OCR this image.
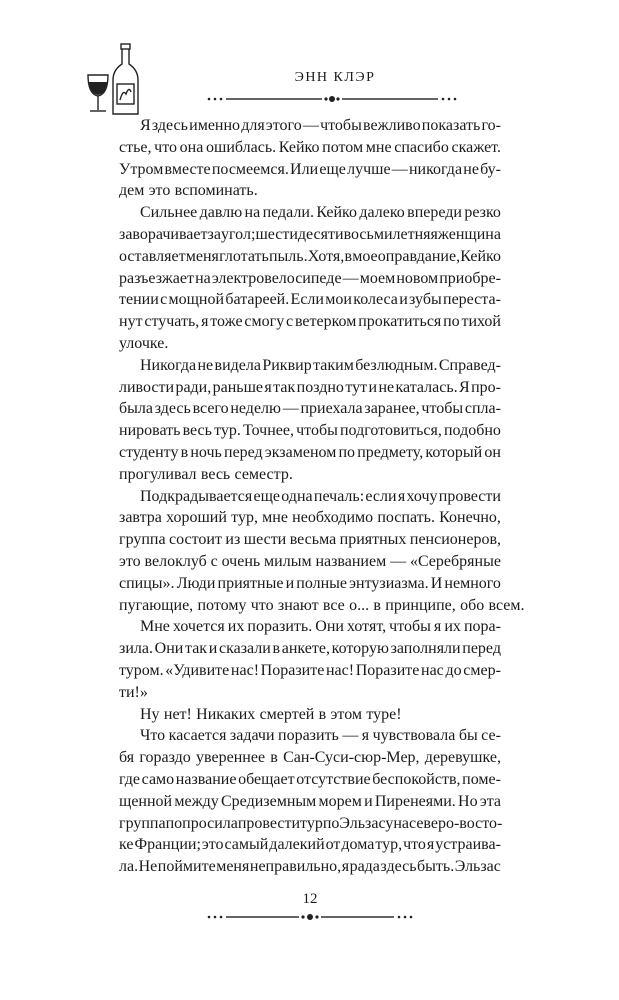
ЭНН КЛЭР
Я здесь именно для этого — чтобы вежливо показать го-
стье, что она ошиблась. Кейко потом мне спасибо скажет.
Утром вместе посмеемся. Или еще лучше — никогда не бу-
дем это вспоминать.
Сильнее давлю на педали. Кейко далеко впереди резко
заворачивает за угол; шестидесятивосьмилетняя женщина
оставляет меня глотать пыль. Хотя, в мое оправдание, Кейко
разъезжает на электровелосипеде — моем новом приобре-
тении с мощной батареей. Если мои колеса и зубы переста-
нут стучать, я тоже смогу с ветерком прокатиться по тихой
улочке.
Никогда не видела Риквир таким безлюдным. Справед-
ливости ради, раньше я так поздно тут и не каталась. Я про-
была здесь всего неделю — приехала заранее, чтобы спла-
нировать весь тур. Точнее, чтобы подготовиться, подобно
студенту в ночь перед экзаменом по предмету, который он
прогуливал весь семестр.
Подкрадывается еще одна печаль: если я хочу провести
завтра хороший тур, мне необходимо поспать. Конечно,
группа состоит из шести весьма приятных пенсионеров,
это велоклуб с очень милым названием — «Серебряные
спицы». Люди приятные и полные энтузиазма. И немного
пугающие, потому что знают все о... в принципе, обо всем.
Мне хочется их поразить. Они хотят, чтобы я их пора-
зила. Они так и сказали в анкете, которую заполняли перед
туром. «Удивите нас! Поразите нас! Поразите нас до смер-
ти!»
Ну нет! Никаких смертей в этом туре!
Что касается задачи поразить — я чувствовала бы се-
бя гораздо увереннее в Сан-Суси-сюр-Мер, деревушке,
где само название обещает отсутствие беспокойств, поме-
щенной между Средиземным морем и Пиренеями. Но эта
группа попросила провести тур по Эльзасу на северо-восто-
ке Франции; это самый далекий от дома тур, что я устраива-
ла. Не поймите меня неправильно, я рада здесь быть. Эльзас
12
